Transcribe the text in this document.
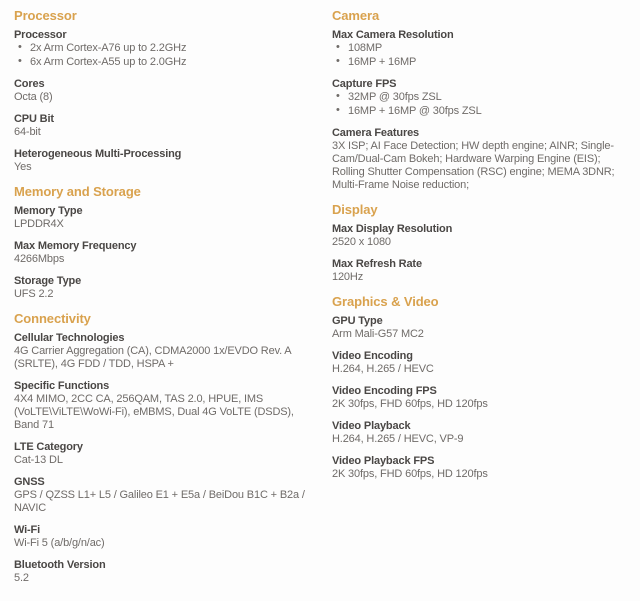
Processor
Processor
• 2x Arm Cortex-A76 up to 2.2GHz
• 6x Arm Cortex-A55 up to 2.0GHz
Cores
Octa (8)
CPU Bit
64-bit
Heterogeneous Multi-Processing
Yes
Memory and Storage
Memory Type
LPDDR4X
Max Memory Frequency
4266Mbps
Storage Type
UFS 2.2
Connectivity
Cellular Technologies
4G Carrier Aggregation (CA), CDMA2000 1x/EVDO Rev. A (SRLTE), 4G FDD / TDD, HSPA +
Specific Functions
4X4 MIMO, 2CC CA, 256QAM, TAS 2.0, HPUE, IMS (VoLTE\ViLTE\WoWi-Fi), eMBMS, Dual 4G VoLTE (DSDS), Band 71
LTE Category
Cat-13 DL
GNSS
GPS / QZSS L1+ L5 / Galileo E1 + E5a / BeiDou B1C + B2a / NAVIC
Wi-Fi
Wi-Fi 5 (a/b/g/n/ac)
Bluetooth Version
5.2
Camera
Max Camera Resolution
• 108MP
• 16MP + 16MP
Capture FPS
• 32MP @ 30fps ZSL
• 16MP + 16MP @ 30fps ZSL
Camera Features
3X ISP; AI Face Detection; HW depth engine; AINR; Single-Cam/Dual-Cam Bokeh; Hardware Warping Engine (EIS); Rolling Shutter Compensation (RSC) engine; MEMA 3DNR; Multi-Frame Noise reduction;
Display
Max Display Resolution
2520 x 1080
Max Refresh Rate
120Hz
Graphics & Video
GPU Type
Arm Mali-G57 MC2
Video Encoding
H.264, H.265 / HEVC
Video Encoding FPS
2K 30fps, FHD 60fps, HD 120fps
Video Playback
H.264, H.265 / HEVC, VP-9
Video Playback FPS
2K 30fps, FHD 60fps, HD 120fps
